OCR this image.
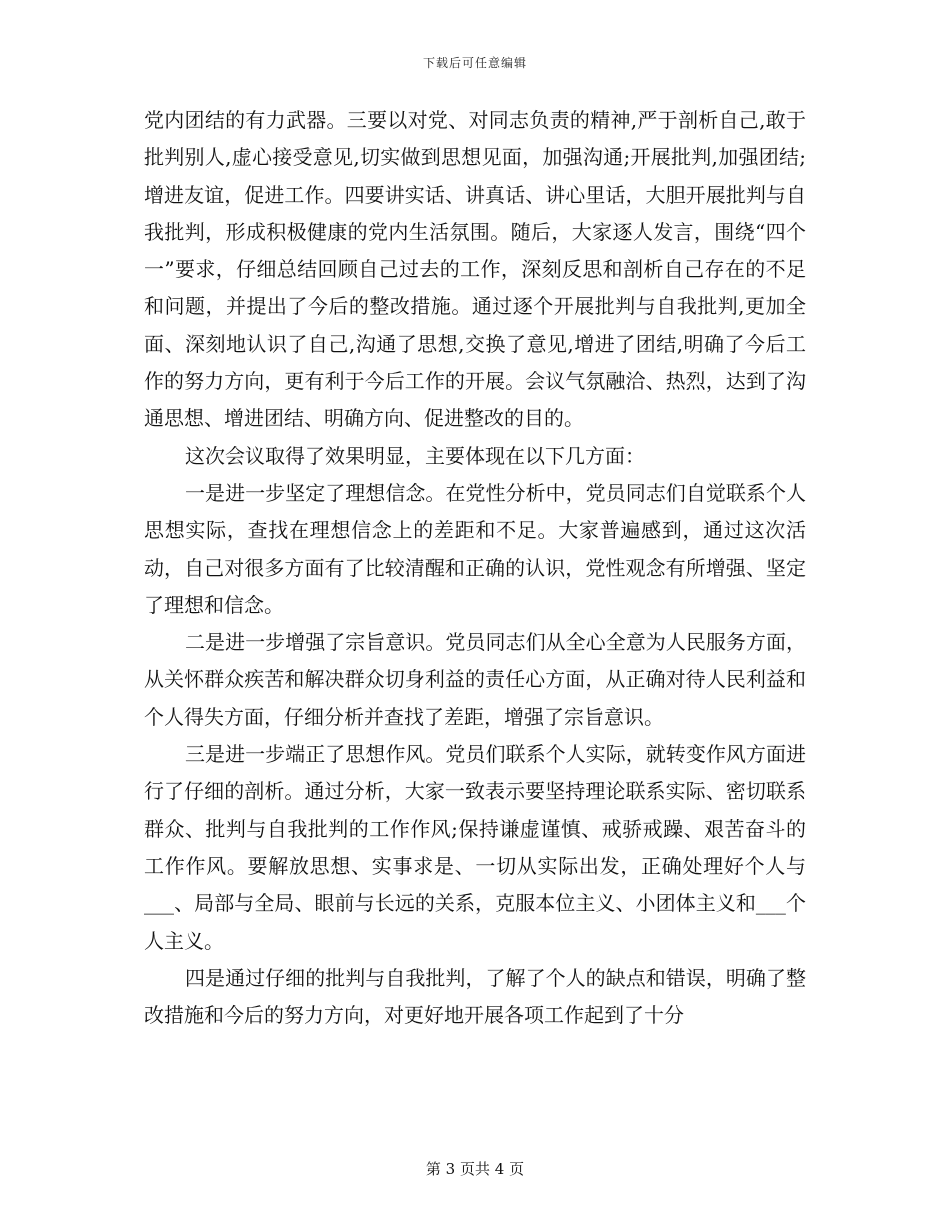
下载后可任意编辑

党内团结的有力武器。三要以对党、对同志负责的精神,严于剖析自己,敢于批判别人,虚心接受意见,切实做到思想见面，加强沟通;开展批判,加强团结;增进友谊，促进工作。四要讲实话、讲真话、讲心里话，大胆开展批判与自我批判，形成积极健康的党内生活氛围。随后，大家逐人发言，围绕“四个一”要求，仔细总结回顾自己过去的工作，深刻反思和剖析自己存在的不足和问题，并提出了今后的整改措施。通过逐个开展批判与自我批判,更加全面、深刻地认识了自己,沟通了思想,交换了意见,增进了团结,明确了今后工作的努力方向，更有利于今后工作的开展。会议气氛融洽、热烈，达到了沟通思想、增进团结、明确方向、促进整改的目的。

这次会议取得了效果明显，主要体现在以下几方面：

一是进一步坚定了理想信念。在党性分析中，党员同志们自觉联系个人思想实际，查找在理想信念上的差距和不足。大家普遍感到，通过这次活动，自己对很多方面有了比较清醒和正确的认识，党性观念有所增强、坚定了理想和信念。

二是进一步增强了宗旨意识。党员同志们从全心全意为人民服务方面，从关怀群众疾苦和解决群众切身利益的责任心方面，从正确对待人民利益和个人得失方面，仔细分析并查找了差距，增强了宗旨意识。

三是进一步端正了思想作风。党员们联系个人实际，就转变作风方面进行了仔细的剖析。通过分析，大家一致表示要坚持理论联系实际、密切联系群众、批判与自我批判的工作作风;保持谦虚谨慎、戒骄戒躁、艰苦奋斗的工作作风。要解放思想、实事求是、一切从实际出发，正确处理好个人与___、局部与全局、眼前与长远的关系，克服本位主义、小团体主义和___个人主义。

四是通过仔细的批判与自我批判，了解了个人的缺点和错误，明确了整改措施和今后的努力方向，对更好地开展各项工作起到了十分

第 3 页共 4 页
